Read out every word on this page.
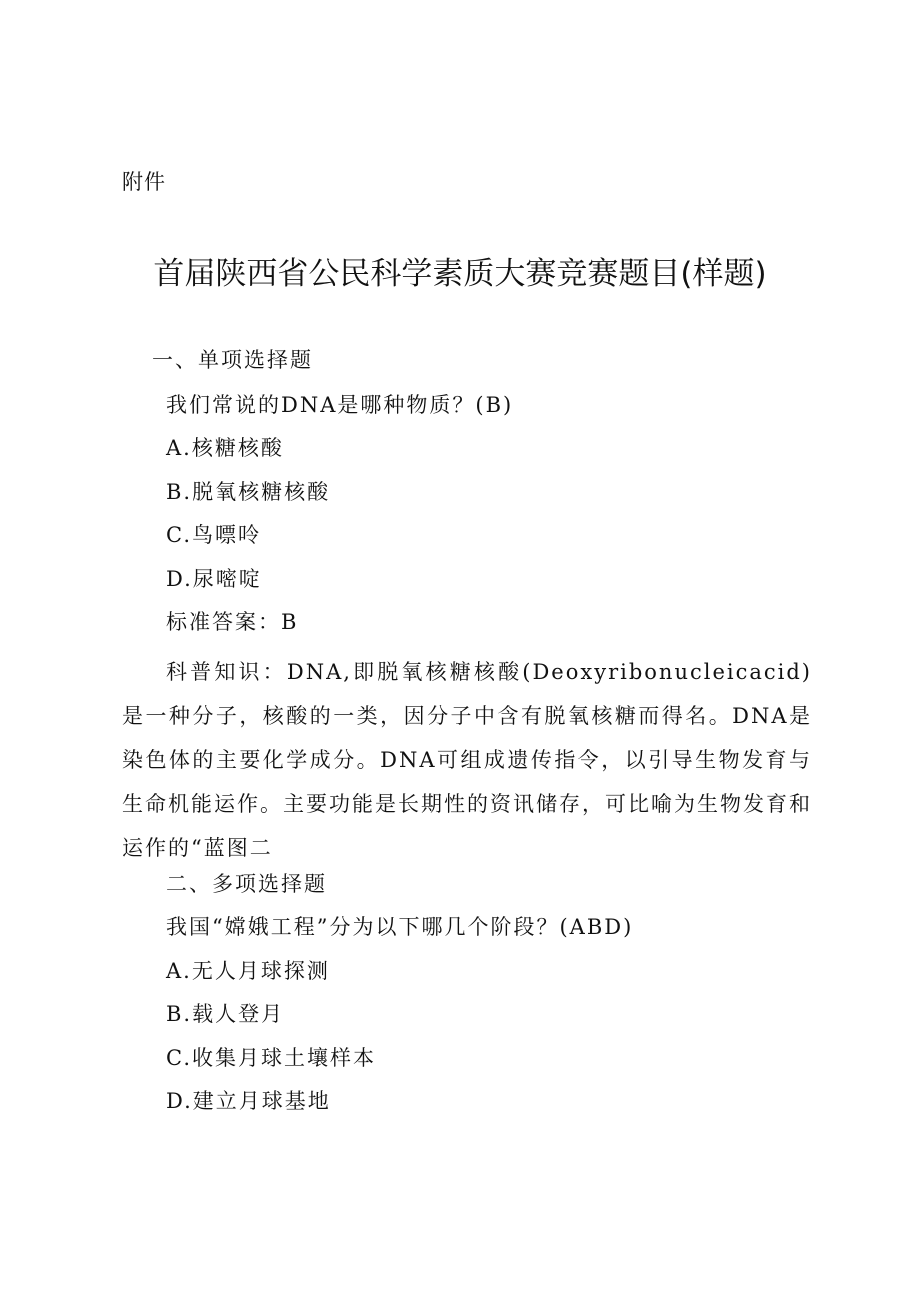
附件
首届陕西省公民科学素质大赛竞赛题目(样题)
一、单项选择题
我们常说的DNA是哪种物质？(B)
A.核糖核酸
B.脱氧核糖核酸
C.鸟嘌呤
D.尿嘧啶
标准答案：B

科普知识：DNA,即脱氧核糖核酸(Deoxyribonucleicacid)是一种分子，核酸的一类，因分子中含有脱氧核糖而得名。DNA是染色体的主要化学成分。DNA可组成遗传指令，以引导生物发育与生命机能运作。主要功能是长期性的资讯储存，可比喻为生物发育和运作的“蓝图二

二、多项选择题
我国“嫦娥工程”分为以下哪几个阶段？(ABD)
A.无人月球探测
B.载人登月
C.收集月球土壤样本
D.建立月球基地
